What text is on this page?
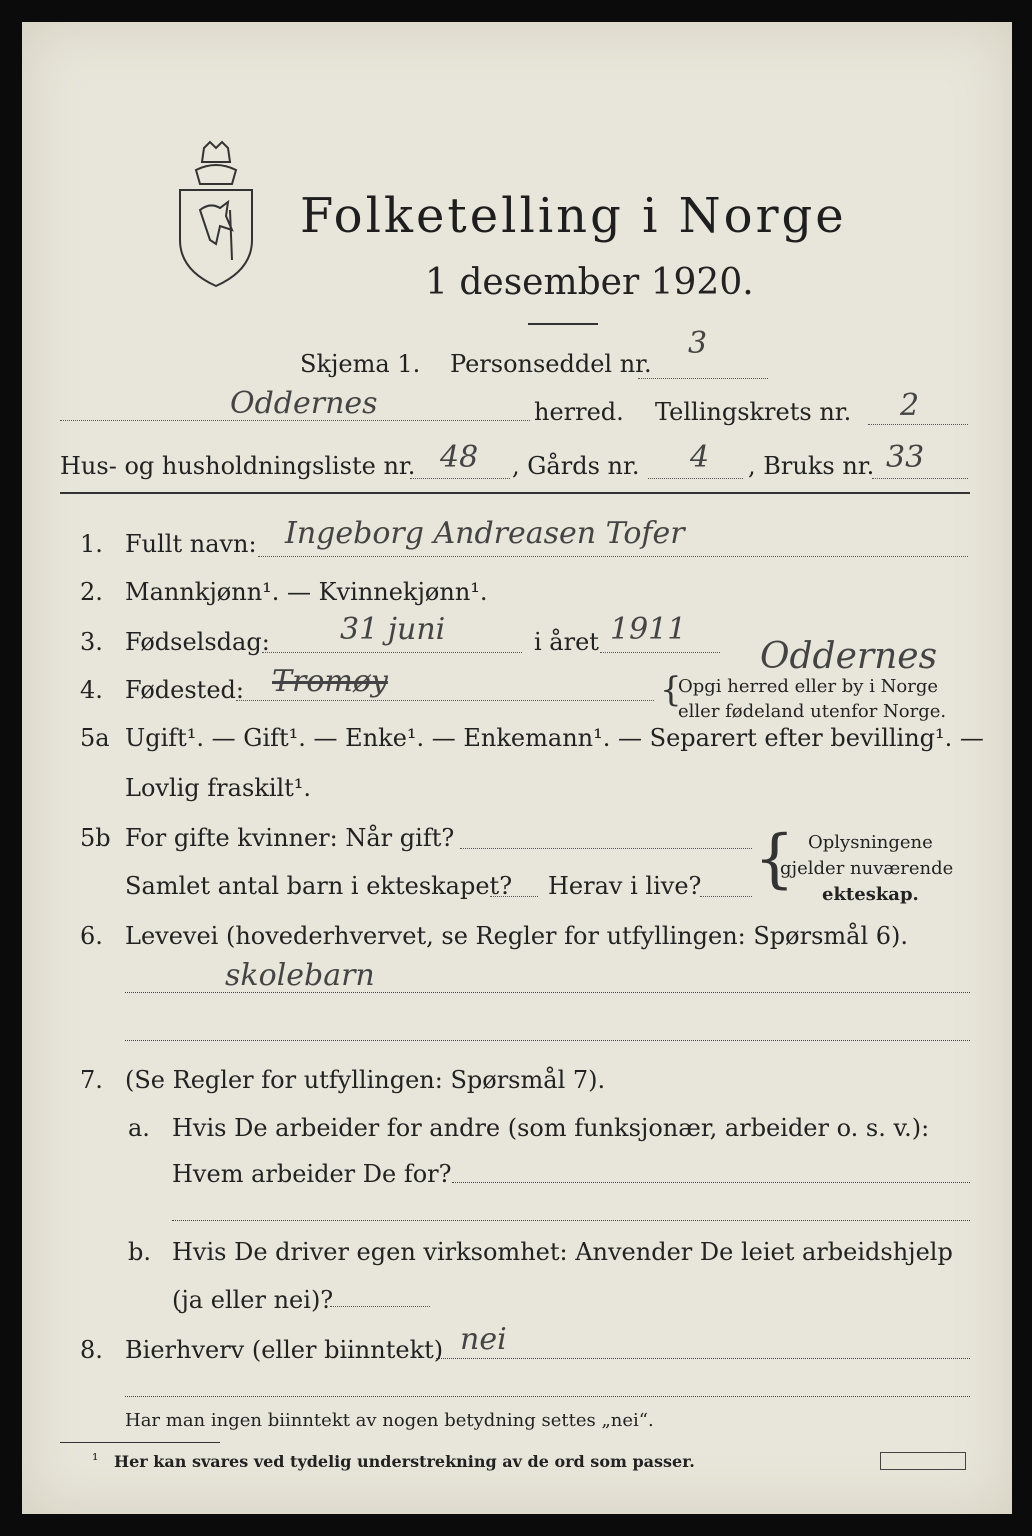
Folketelling i Norge
1 desember 1920.
Skjema 1. Personseddel nr.
3
Oddernes	herred. Tellingskrets nr. 2
Hus- og husholdningsliste nr. 48 , Gårds nr. 4 , Bruks nr. 33
1. Fullt navn: Ingeborg Andreasen Tofer
2. Mannkjønn¹. — Kvinnekjønn¹.
3. Fødselsdag: 31 juni	i året 1911
Oddernes
4. Fødested: Tromøy	{
Opgi herred eller by i Norge
eller fødeland utenfor Norge.
5a Ugift¹. — Gift¹. — Enke¹. — Enkemann¹. — Separert efter bevilling¹. —
Lovlig fraskilt¹.
5b For gifte kvinner: Når gift?
Samlet antal barn i ekteskapet? Herav i live? { Oplysningene
gjelder nuværende
ekteskap.
6. Levevei (hovederhvervet, se Regler for utfyllingen: Spørsmål 6).
skolebarn
7. (Se Regler for utfyllingen: Spørsmål 7).
a. Hvis De arbeider for andre (som funksjonær, arbeider o. s. v.):
Hvem arbeider De for?
b. Hvis De driver egen virksomhet: Anvender De leiet arbeidshjelp
(ja eller nei)?
8. Bierhverv (eller biinntekt) nei
Har man ingen biinntekt av nogen betydning settes „nei“.
¹ Her kan svares ved tydelig understrekning av de ord som passer.
